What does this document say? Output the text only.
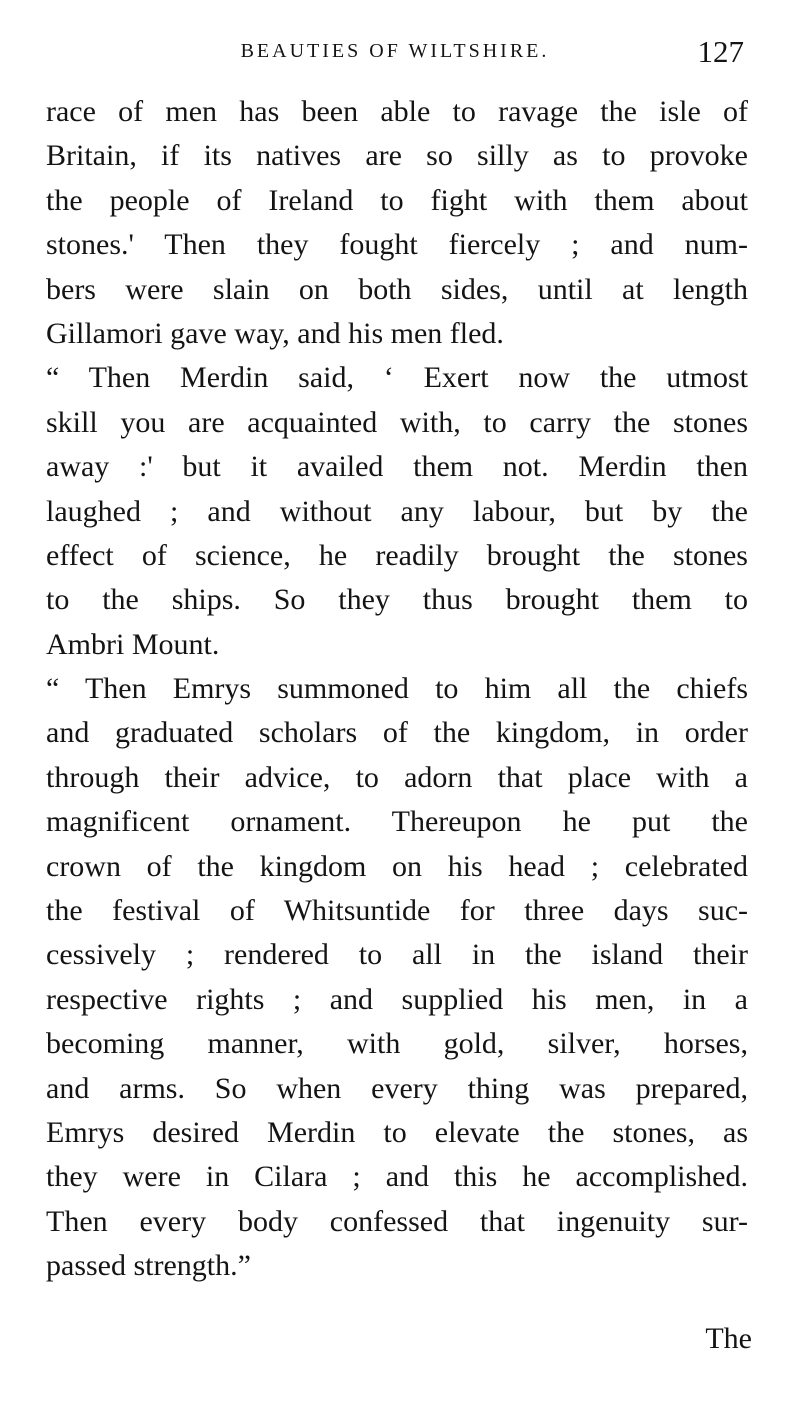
BEAUTIES OF WILTSHIRE.	127
race of men has been able to ravage the isle of
Britain, if its natives are so silly as to provoke
the people of Ireland to fight with them about
stones.' Then they fought fiercely ; and num-
bers were slain on both sides, until at length
Gillamori gave way, and his men fled.
“ Then Merdin said, ‘ Exert now the utmost
skill you are acquainted with, to carry the stones
away :' but it availed them not. Merdin then
laughed ; and without any labour, but by the
effect of science, he readily brought the stones
to the ships. So they thus brought them to
Ambri Mount.
“ Then Emrys summoned to him all the chiefs
and graduated scholars of the kingdom, in order
through their advice, to adorn that place with a
magnificent ornament. Thereupon he put the
crown of the kingdom on his head ; celebrated
the festival of Whitsuntide for three days suc-
cessively ; rendered to all in the island their
respective rights ; and supplied his men, in a
becoming manner, with gold, silver, horses,
and arms. So when every thing was prepared,
Emrys desired Merdin to elevate the stones, as
they were in Cilara ; and this he accomplished.
Then every body confessed that ingenuity sur-
passed strength.”
The
